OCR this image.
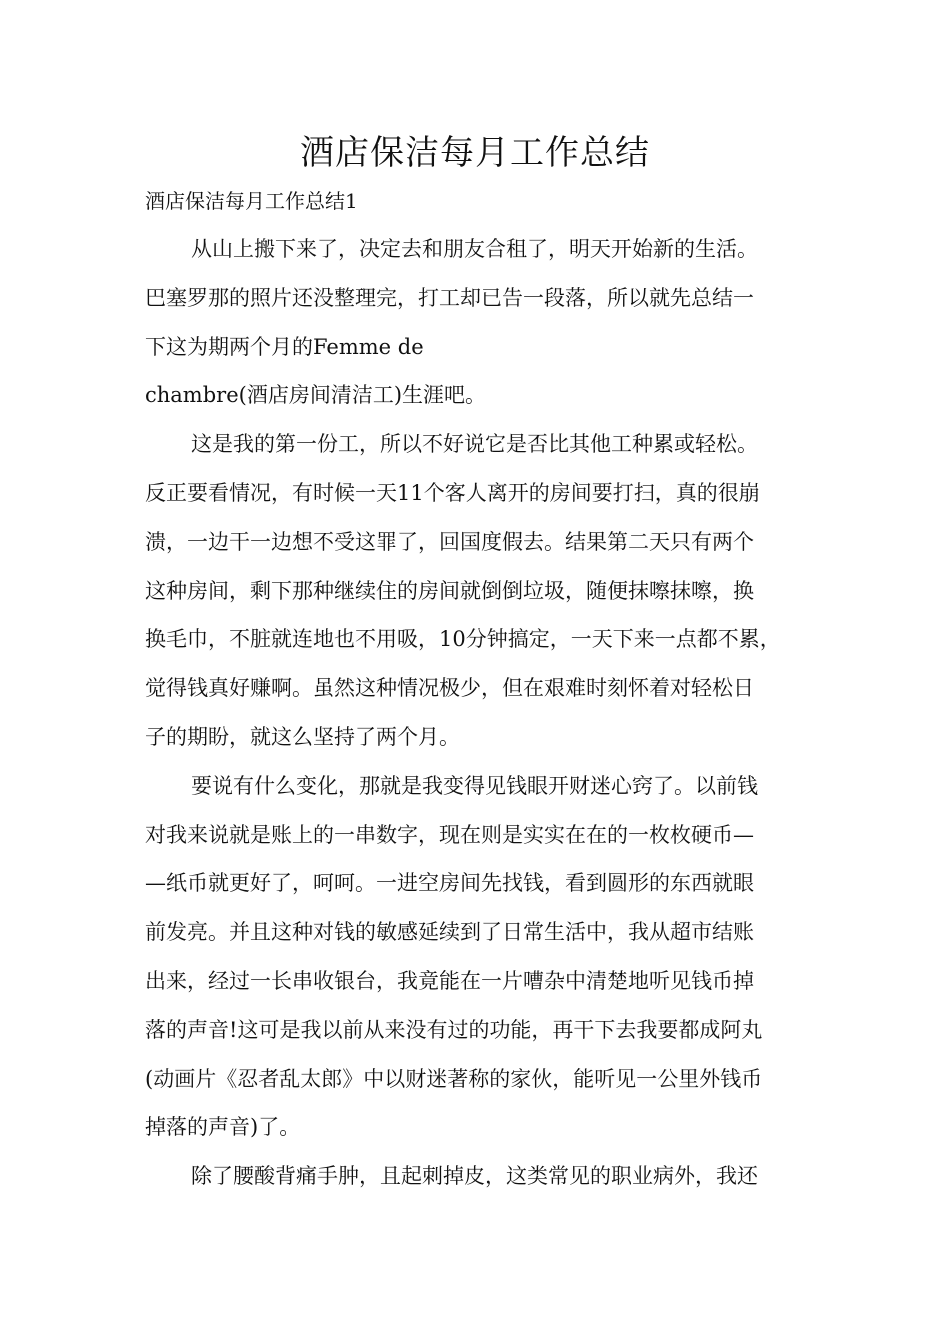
酒店保洁每月工作总结
酒店保洁每月工作总结1
从山上搬下来了，决定去和朋友合租了，明天开始新的生活。
巴塞罗那的照片还没整理完，打工却已告一段落，所以就先总结一
下这为期两个月的Femme de
chambre(酒店房间清洁工)生涯吧。
这是我的第一份工，所以不好说它是否比其他工种累或轻松。
反正要看情况，有时候一天11个客人离开的房间要打扫，真的很崩
溃，一边干一边想不受这罪了，回国度假去。结果第二天只有两个
这种房间，剩下那种继续住的房间就倒倒垃圾，随便抹嚓抹嚓，换
换毛巾，不脏就连地也不用吸，10分钟搞定，一天下来一点都不累，
觉得钱真好赚啊。虽然这种情况极少，但在艰难时刻怀着对轻松日
子的期盼，就这么坚持了两个月。
要说有什么变化，那就是我变得见钱眼开财迷心窍了。以前钱
对我来说就是账上的一串数字，现在则是实实在在的一枚枚硬币—
—纸币就更好了，呵呵。一进空房间先找钱，看到圆形的东西就眼
前发亮。并且这种对钱的敏感延续到了日常生活中，我从超市结账
出来，经过一长串收银台，我竟能在一片嘈杂中清楚地听见钱币掉
落的声音!这可是我以前从来没有过的功能，再干下去我要都成阿丸
(动画片《忍者乱太郎》中以财迷著称的家伙，能听见一公里外钱币
掉落的声音)了。
除了腰酸背痛手肿，且起刺掉皮，这类常见的职业病外，我还
